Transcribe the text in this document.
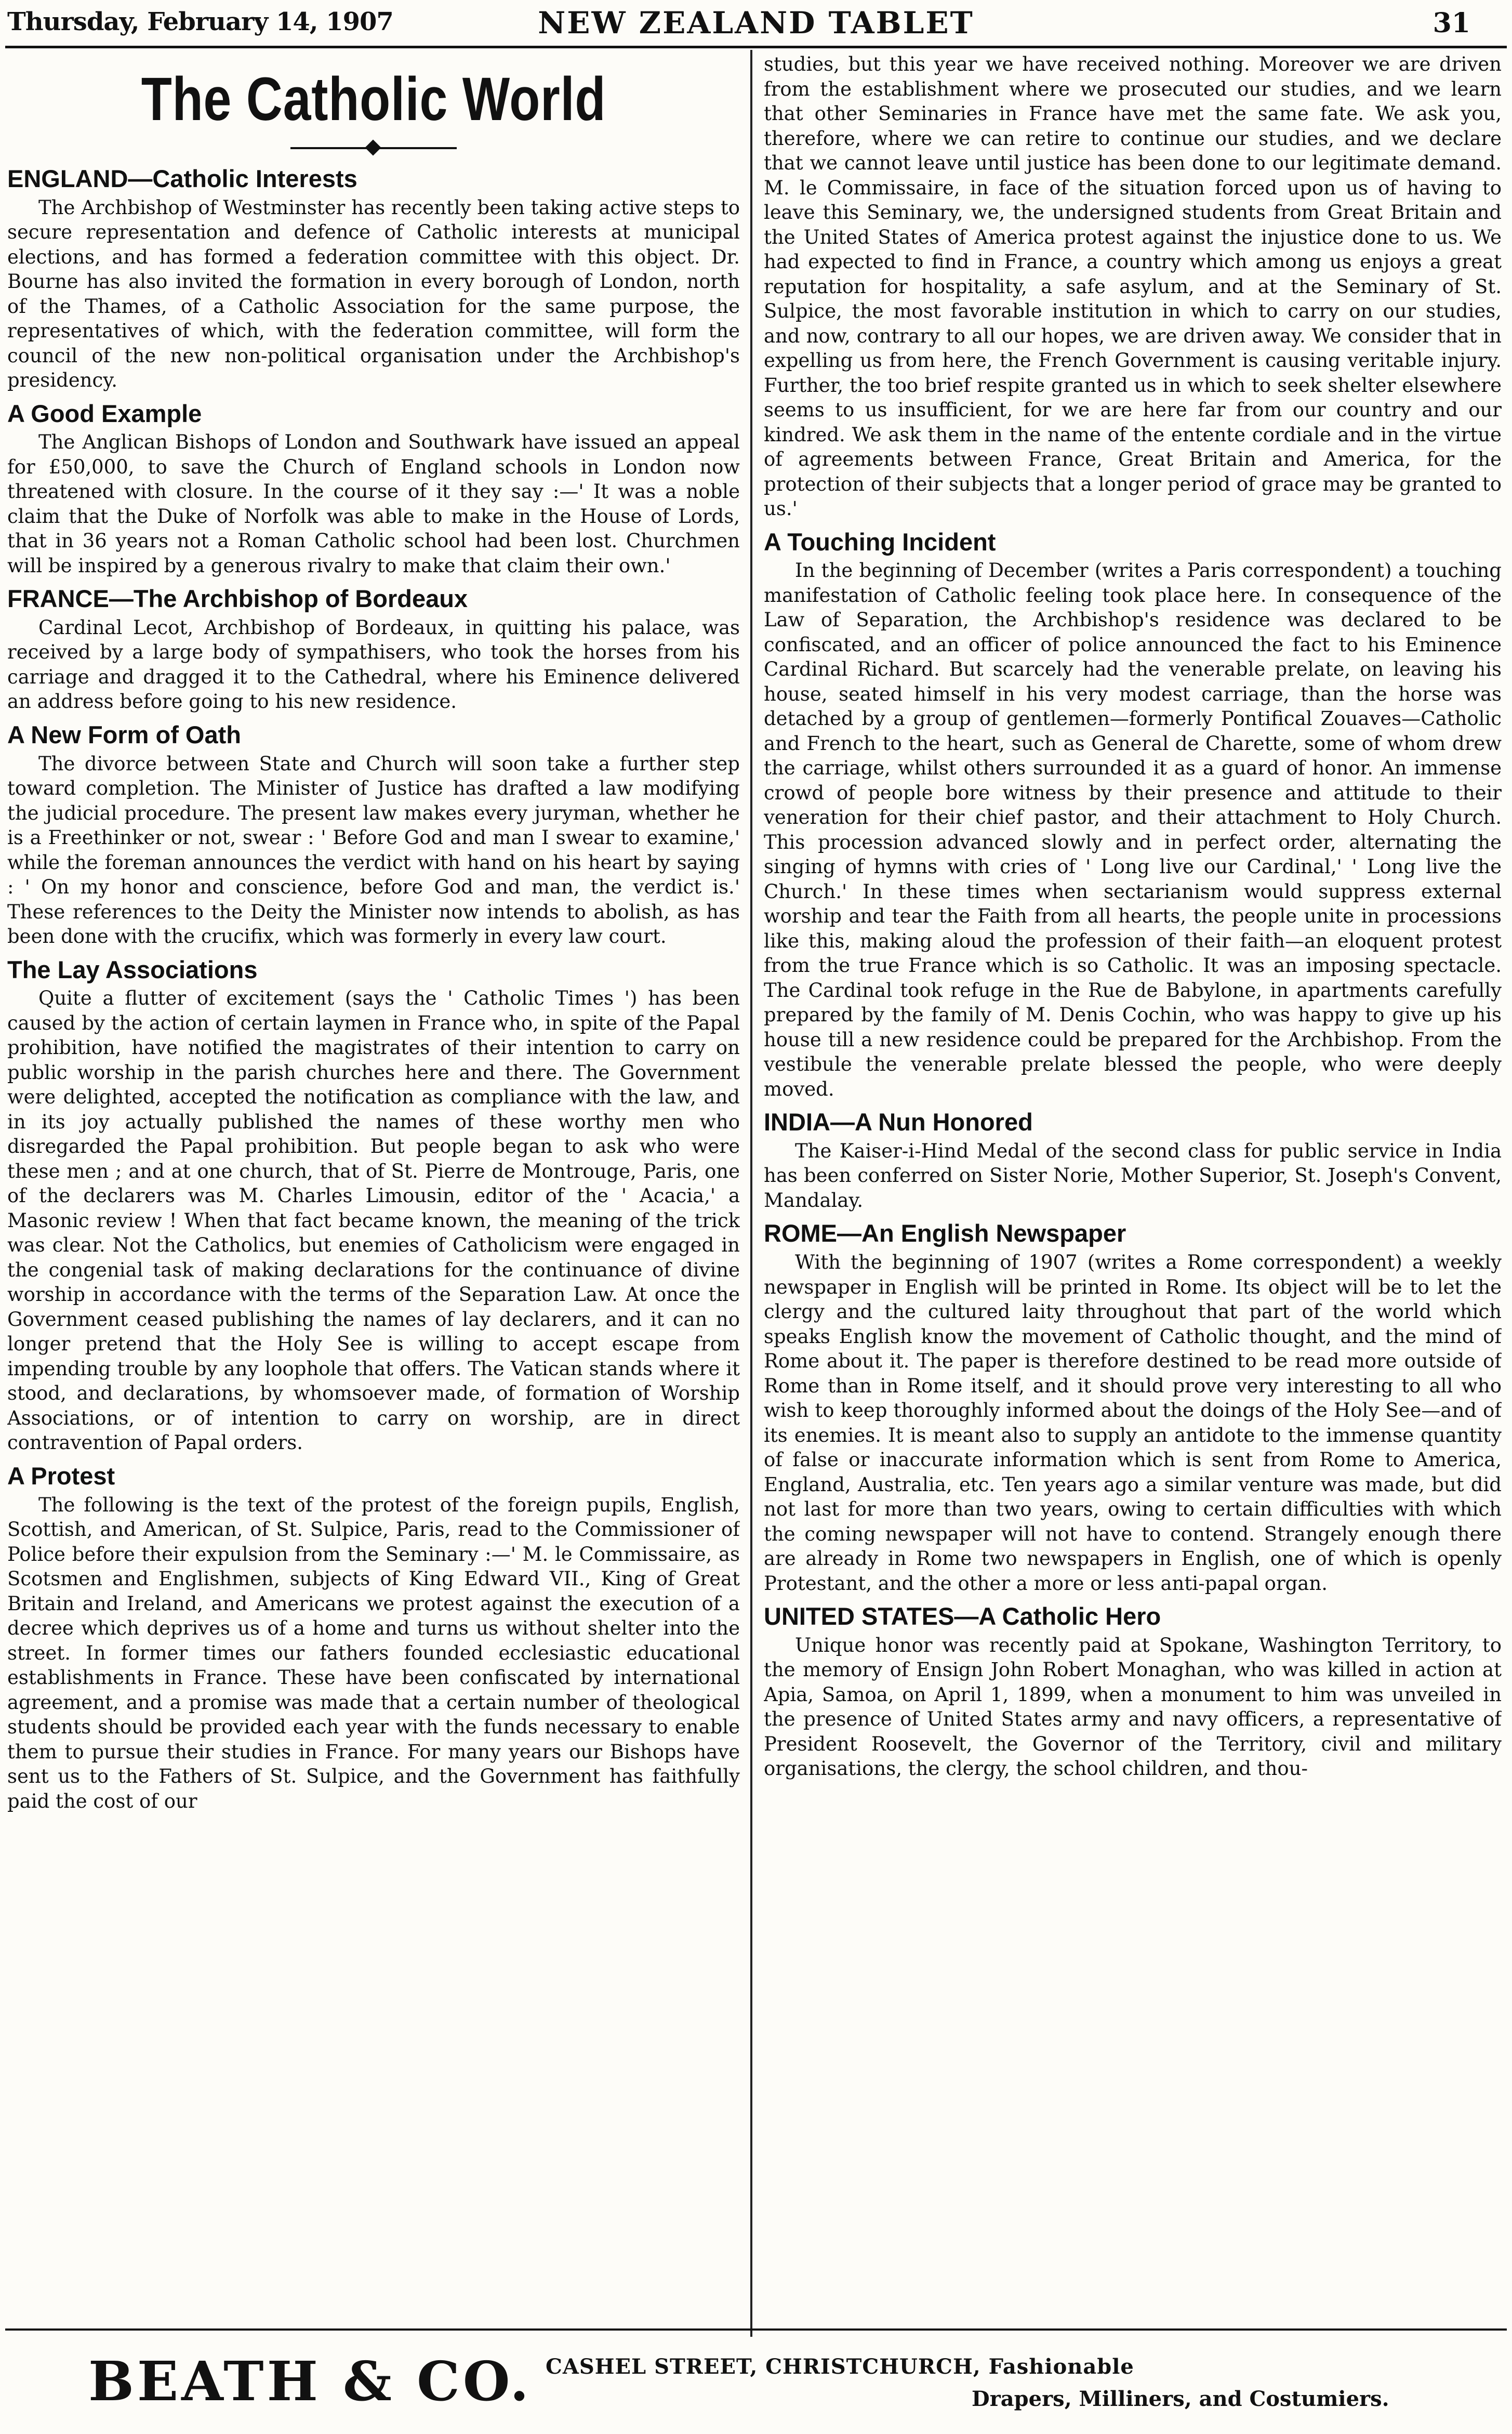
Thursday, February 14, 1907	NEW ZEALAND TABLET	31
The Catholic World
ENGLAND—Catholic Interests

The Archbishop of Westminster has recently been taking active steps to secure representation and defence of Catholic interests at municipal elections, and has formed a federation committee with this object. Dr. Bourne has also invited the formation in every borough of London, north of the Thames, of a Catholic Association for the same purpose, the representatives of which, with the federation committee, will form the council of the new non-political organisation under the Archbishop's presidency.

A Good Example

The Anglican Bishops of London and Southwark have issued an appeal for £50,000, to save the Church of England schools in London now threatened with closure. In the course of it they say :—' It was a noble claim that the Duke of Norfolk was able to make in the House of Lords, that in 36 years not a Roman Catholic school had been lost. Churchmen will be inspired by a generous rivalry to make that claim their own.'

FRANCE—The Archbishop of Bordeaux

Cardinal Lecot, Archbishop of Bordeaux, in quitting his palace, was received by a large body of sympathisers, who took the horses from his carriage and dragged it to the Cathedral, where his Eminence delivered an address before going to his new residence.

A New Form of Oath

The divorce between State and Church will soon take a further step toward completion. The Minister of Justice has drafted a law modifying the judicial procedure. The present law makes every juryman, whether he is a Freethinker or not, swear : ' Before God and man I swear to examine,' while the foreman announces the verdict with hand on his heart by saying : ' On my honor and conscience, before God and man, the verdict is.' These references to the Deity the Minister now intends to abolish, as has been done with the crucifix, which was formerly in every law court.

The Lay Associations

Quite a flutter of excitement (says the ' Catholic Times ') has been caused by the action of certain laymen in France who, in spite of the Papal prohibition, have notified the magistrates of their intention to carry on public worship in the parish churches here and there. The Government were delighted, accepted the notification as compliance with the law, and in its joy actually published the names of these worthy men who disregarded the Papal prohibition. But people began to ask who were these men ; and at one church, that of St. Pierre de Montrouge, Paris, one of the declarers was M. Charles Limousin, editor of the ' Acacia,' a Masonic review ! When that fact became known, the meaning of the trick was clear. Not the Catholics, but enemies of Catholicism were engaged in the congenial task of making declarations for the continuance of divine worship in accordance with the terms of the Separation Law. At once the Government ceased publishing the names of lay declarers, and it can no longer pretend that the Holy See is willing to accept escape from impending trouble by any loophole that offers. The Vatican stands where it stood, and declarations, by whomsoever made, of formation of Worship Associations, or of intention to carry on worship, are in direct contravention of Papal orders.

A Protest

The following is the text of the protest of the foreign pupils, English, Scottish, and American, of St. Sulpice, Paris, read to the Commissioner of Police before their expulsion from the Seminary :—' M. le Commissaire, as Scotsmen and Englishmen, subjects of King Edward VII., King of Great Britain and Ireland, and Americans we protest against the execution of a decree which deprives us of a home and turns us without shelter into the street. In former times our fathers founded ecclesiastic educational establishments in France. These have been confiscated by international agreement, and a promise was made that a certain number of theological students should be provided each year with the funds necessary to enable them to pursue their studies in France. For many years our Bishops have sent us to the Fathers of St. Sulpice, and the Government has faithfully paid the cost of our

studies, but this year we have received nothing. Moreover we are driven from the establishment where we prosecuted our studies, and we learn that other Seminaries in France have met the same fate. We ask you, therefore, where we can retire to continue our studies, and we declare that we cannot leave until justice has been done to our legitimate demand. M. le Commissaire, in face of the situation forced upon us of having to leave this Seminary, we, the undersigned students from Great Britain and the United States of America protest against the injustice done to us. We had expected to find in France, a country which among us enjoys a great reputation for hospitality, a safe asylum, and at the Seminary of St. Sulpice, the most favorable institution in which to carry on our studies, and now, contrary to all our hopes, we are driven away. We consider that in expelling us from here, the French Government is causing veritable injury. Further, the too brief respite granted us in which to seek shelter elsewhere seems to us insufficient, for we are here far from our country and our kindred. We ask them in the name of the entente cordiale and in the virtue of agreements between France, Great Britain and America, for the protection of their subjects that a longer period of grace may be granted to us.'

A Touching Incident

In the beginning of December (writes a Paris correspondent) a touching manifestation of Catholic feeling took place here. In consequence of the Law of Separation, the Archbishop's residence was declared to be confiscated, and an officer of police announced the fact to his Eminence Cardinal Richard. But scarcely had the venerable prelate, on leaving his house, seated himself in his very modest carriage, than the horse was detached by a group of gentlemen—formerly Pontifical Zouaves—Catholic and French to the heart, such as General de Charette, some of whom drew the carriage, whilst others surrounded it as a guard of honor. An immense crowd of people bore witness by their presence and attitude to their veneration for their chief pastor, and their attachment to Holy Church. This procession advanced slowly and in perfect order, alternating the singing of hymns with cries of ' Long live our Cardinal,' ' Long live the Church.' In these times when sectarianism would suppress external worship and tear the Faith from all hearts, the people unite in processions like this, making aloud the profession of their faith—an eloquent protest from the true France which is so Catholic. It was an imposing spectacle. The Cardinal took refuge in the Rue de Babylone, in apartments carefully prepared by the family of M. Denis Cochin, who was happy to give up his house till a new residence could be prepared for the Archbishop. From the vestibule the venerable prelate blessed the people, who were deeply moved.

INDIA—A Nun Honored

The Kaiser-i-Hind Medal of the second class for public service in India has been conferred on Sister Norie, Mother Superior, St. Joseph's Convent, Mandalay.

ROME—An English Newspaper

With the beginning of 1907 (writes a Rome correspondent) a weekly newspaper in English will be printed in Rome. Its object will be to let the clergy and the cultured laity throughout that part of the world which speaks English know the movement of Catholic thought, and the mind of Rome about it. The paper is therefore destined to be read more outside of Rome than in Rome itself, and it should prove very interesting to all who wish to keep thoroughly informed about the doings of the Holy See—and of its enemies. It is meant also to supply an antidote to the immense quantity of false or inaccurate information which is sent from Rome to America, England, Australia, etc. Ten years ago a similar venture was made, but did not last for more than two years, owing to certain difficulties with which the coming newspaper will not have to contend. Strangely enough there are already in Rome two newspapers in English, one of which is openly Protestant, and the other a more or less anti-papal organ.

UNITED STATES—A Catholic Hero

Unique honor was recently paid at Spokane, Washington Territory, to the memory of Ensign John Robert Monaghan, who was killed in action at Apia, Samoa, on April 1, 1899, when a monument to him was unveiled in the presence of United States army and navy officers, a representative of President Roosevelt, the Governor of the Territory, civil and military organisations, the clergy, the school children, and thou-

BEATH & CO. CASHEL STREET, CHRISTCHURCH, Fashionable
Drapers, Milliners, and Costumiers.
